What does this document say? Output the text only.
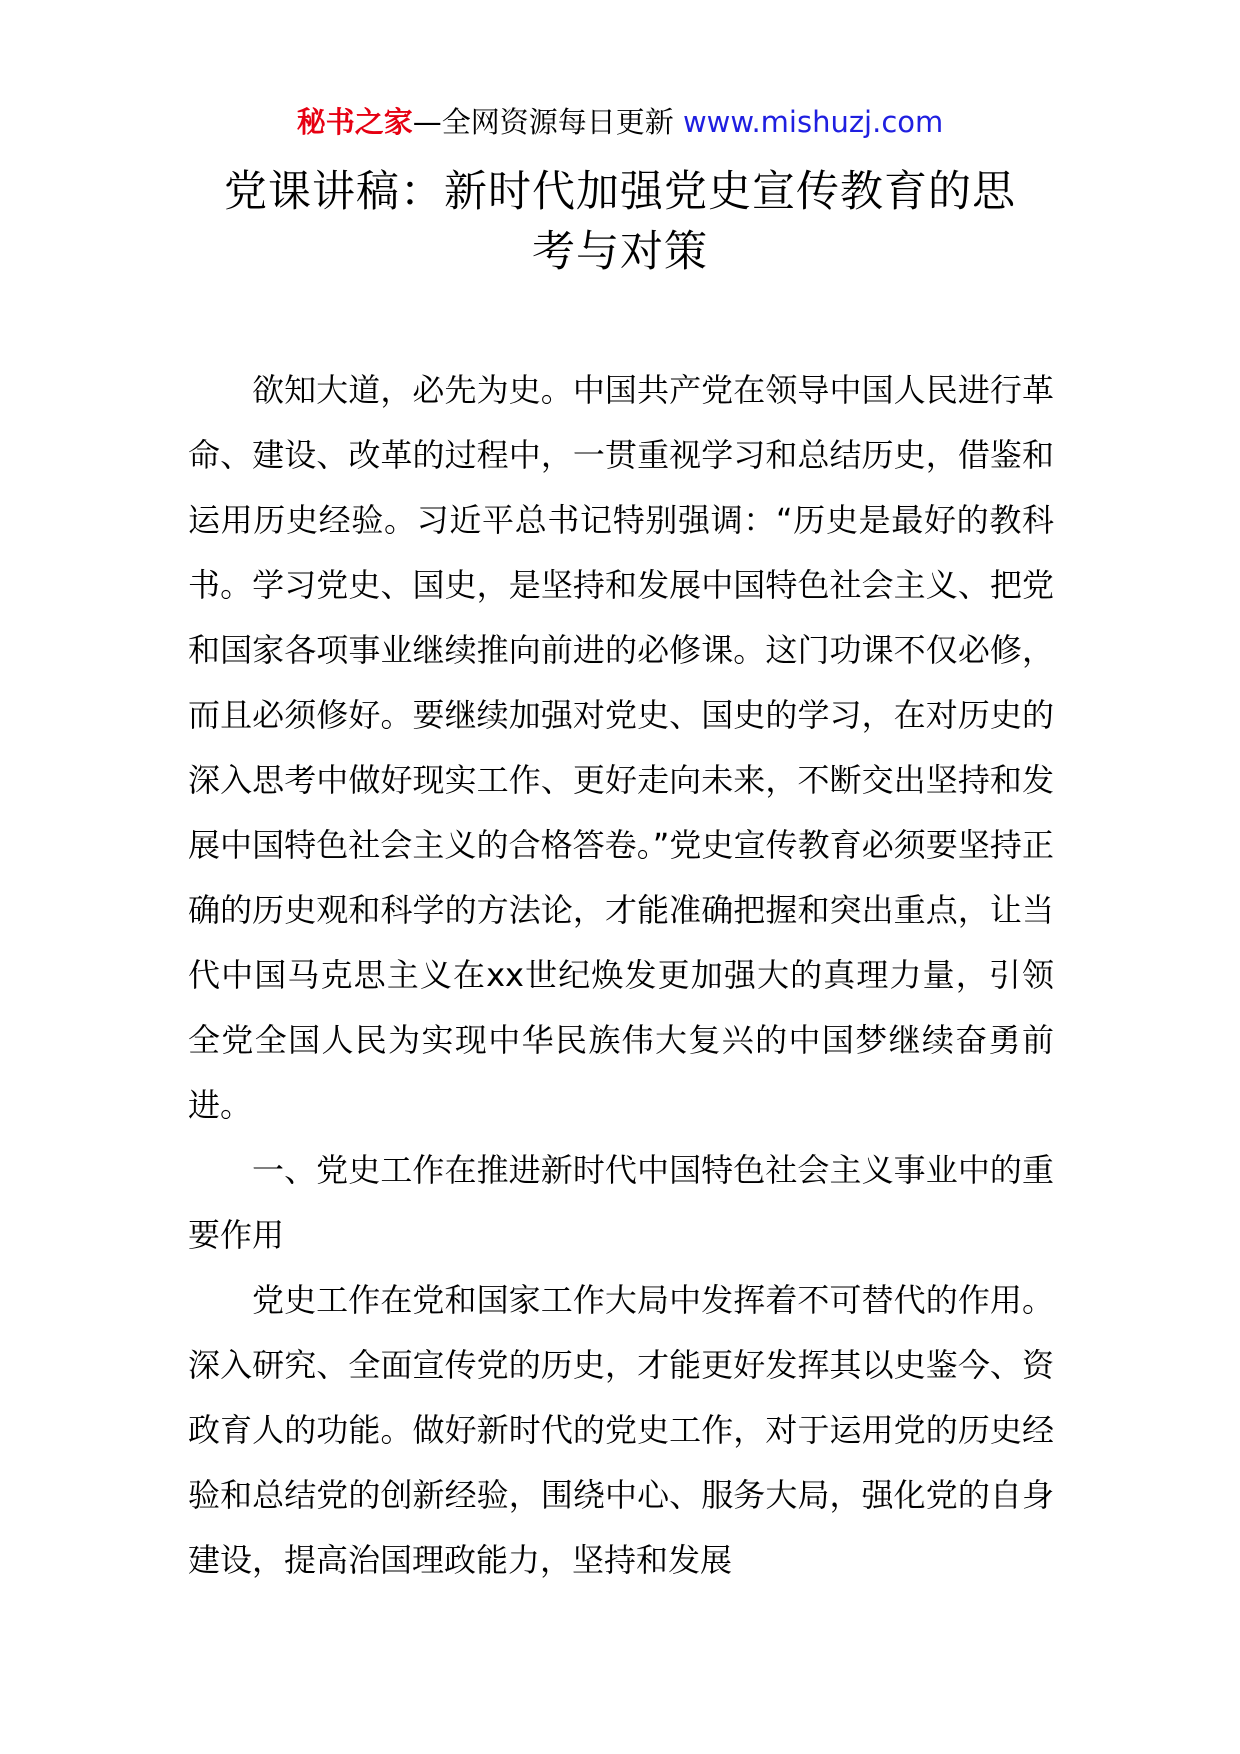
秘书之家—全网资源每日更新 www.mishuzj.com
党课讲稿：新时代加强党史宣传教育的思
考与对策

欲知大道，必先为史。中国共产党在领导中国人民进行革命、建设、改革的过程中，一贯重视学习和总结历史，借鉴和运用历史经验。习近平总书记特别强调：“历史是最好的教科书。学习党史、国史，是坚持和发展中国特色社会主义、把党和国家各项事业继续推向前进的必修课。这门功课不仅必修，而且必须修好。要继续加强对党史、国史的学习，在对历史的深入思考中做好现实工作、更好走向未来，不断交出坚持和发展中国特色社会主义的合格答卷。”党史宣传教育必须要坚持正确的历史观和科学的方法论，才能准确把握和突出重点，让当代中国马克思主义在xx世纪焕发更加强大的真理力量，引领全党全国人民为实现中华民族伟大复兴的中国梦继续奋勇前进。

一、党史工作在推进新时代中国特色社会主义事业中的重要作用

党史工作在党和国家工作大局中发挥着不可替代的作用。深入研究、全面宣传党的历史，才能更好发挥其以史鉴今、资政育人的功能。做好新时代的党史工作，对于运用党的历史经验和总结党的创新经验，围绕中心、服务大局，强化党的自身建设，提高治国理政能力，坚持和发展
